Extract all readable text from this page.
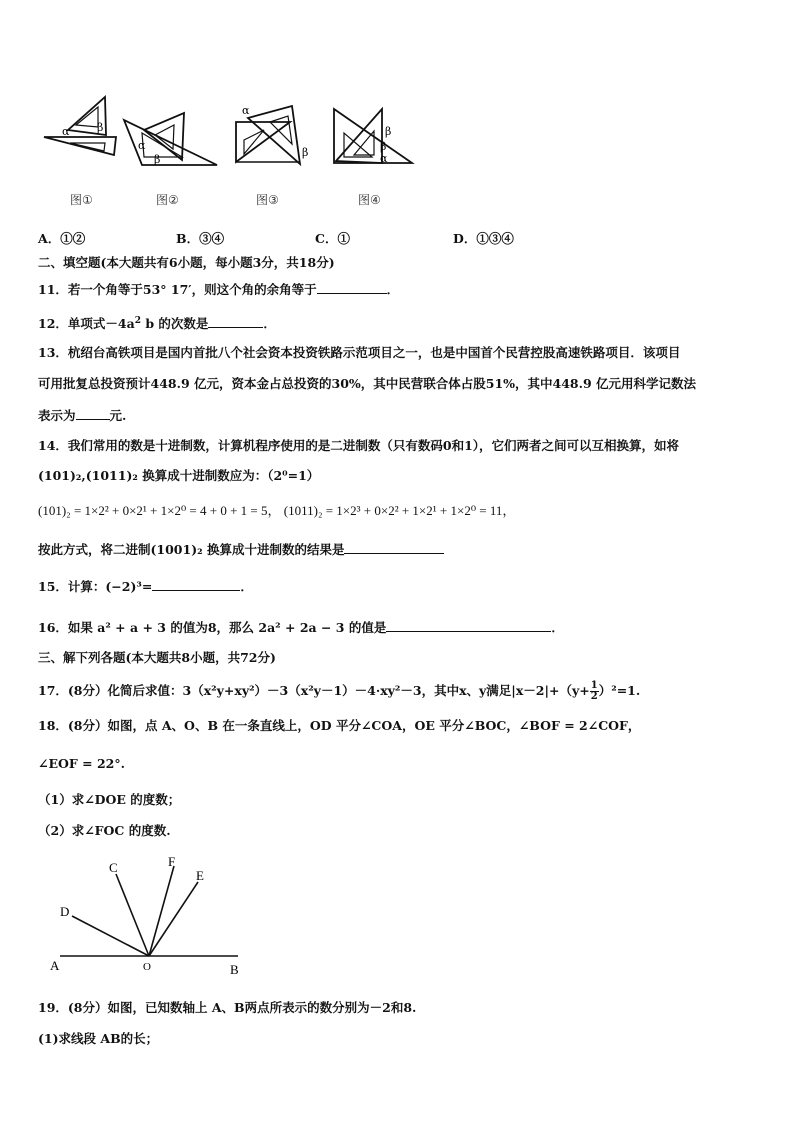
α	β
图①
α
β
图②
α
β
图③
β
β
α
图④
A．①②	B．③④	C．①	D．①③④
二、填空题(本大题共有6小题，每小题3分，共18分)
11．若一个角等于53° 17′，则这个角的余角等于	．
12．单项式$-4a^2$ b 的次数是	．
13．杭绍台高铁项目是国内首批八个社会资本投资铁路示范项目之一，也是中国首个民营控股高速铁路项目．该项目
可用批复总投资预计448.9 亿元，资本金占总投资的30%，其中民营联合体占股51%，其中448.9 亿元用科学记数法
表示为	元.
14．我们常用的数是十进制数，计算机程序使用的是二进制数（只有数码0和1），它们两者之间可以互相换算，如将
(101)₂,(1011)₂ 换算成十进制数应为：（2⁰=1）
(101)₂ = 1×2² + 0×2¹ + 1×2⁰ = 4 + 0 + 1 = 5， (1011)₂ = 1×2³ + 0×2² + 1×2¹ + 1×2⁰ = 11，
按此方式，将二进制(1001)₂ 换算成十进制数的结果是
15．计算：(−2)³=	．
16．如果 a² + a + 3 的值为8，那么 2a² + 2a − 3 的值是	．
三、解下列各题(本大题共8小题，共72分)
17．(8分）化简后求值：3（x²y+xy²）－3（x²y－1）－4·xy²－3，其中x、y满足$|x-2|+(y+ \frac{1}{2})^2=1$.
18．(8分）如图，点 A、O、B 在一条直线上，OD 平分∠COA，OE 平分∠BOC，∠BOF = 2∠COF，
∠EOF = 22°.
（1）求∠DOE 的度数；
（2）求∠FOC 的度数.
C	F
E
D
A	O	B
19．(8分）如图，已知数轴上 A、B两点所表示的数分别为－2和8.
(1)求线段 AB的长；
